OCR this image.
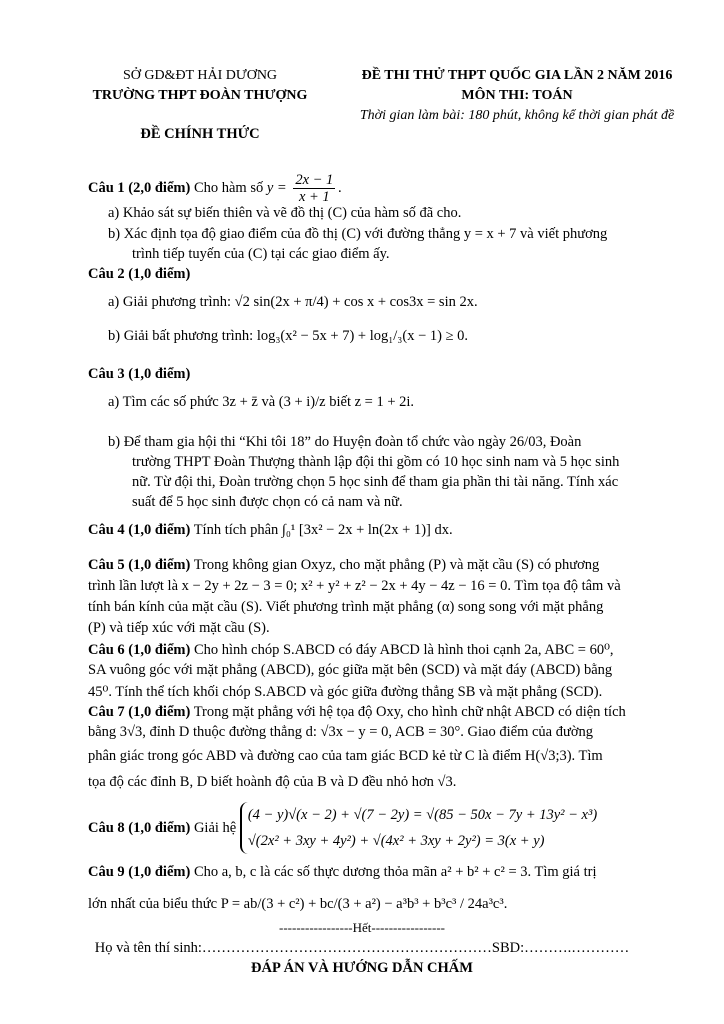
SỞ GD&ĐT HẢI DƯƠNG
TRƯỜNG THPT ĐOÀN THƯỢNG
ĐỀ CHÍNH THỨC
ĐỀ THI THỬ THPT QUỐC GIA LẦN 2 NĂM 2016
MÔN THI: TOÁN
Thời gian làm bài: 180 phút, không kể thời gian phát đề
Câu 1 (2,0 điểm) Cho hàm số $y = \frac{2x - 1}{x + 1}$ .
a) Khảo sát sự biến thiên và vẽ đồ thị (C) của hàm số đã cho.
b) Xác định tọa độ giao điểm của đồ thị (C) với đường thẳng y = x + 7 và viết phương
trình tiếp tuyến của (C) tại các giao điểm ấy.
Câu 2 (1,0 điểm)
a) Giải phương trình: √2 sin(2x + π/4) + cos x + cos3x = sin 2x.
b) Giải bất phương trình: log₃(x² − 5x + 7) + log₁/₃(x − 1) ≥ 0.
Câu 3 (1,0 điểm)
a) Tìm các số phức 3z + z̄ và (3 + i)/z biết z = 1 + 2i.
b) Để tham gia hội thi “Khi tôi 18” do Huyện đoàn tổ chức vào ngày 26/03, Đoàn
trường THPT Đoàn Thượng thành lập đội thi gồm có 10 học sinh nam và 5 học sinh
nữ. Từ đội thi, Đoàn trường chọn 5 học sinh để tham gia phần thi tài năng. Tính xác
suất để 5 học sinh được chọn có cả nam và nữ.
Câu 4 (1,0 điểm) Tính tích phân ∫₀¹ [3x² − 2x + ln(2x + 1)] dx.
Câu 5 (1,0 điểm) Trong không gian Oxyz, cho mặt phẳng (P) và mặt cầu (S) có phương
trình lần lượt là x − 2y + 2z − 3 = 0; x² + y² + z² − 2x + 4y − 4z − 16 = 0. Tìm tọa độ tâm và
tính bán kính của mặt cầu (S). Viết phương trình mặt phẳng (α) song song với mặt phẳng
(P) và tiếp xúc với mặt cầu (S).
Câu 6 (1,0 điểm) Cho hình chóp S.ABCD có đáy ABCD là hình thoi cạnh 2a, ABC = 60⁰,
SA vuông góc với mặt phẳng (ABCD), góc giữa mặt bên (SCD) và mặt đáy (ABCD) bằng
45⁰. Tính thể tích khối chóp S.ABCD và góc giữa đường thẳng SB và mặt phẳng (SCD).
Câu 7 (1,0 điểm) Trong mặt phẳng với hệ tọa độ Oxy, cho hình chữ nhật ABCD có diện tích
bằng 3√3, đỉnh D thuộc đường thẳng d: √3x − y = 0, ACB = 30°. Giao điểm của đường
phân giác trong góc ABD và đường cao của tam giác BCD kẻ từ C là điểm H(√3;3). Tìm
tọa độ các đỉnh B, D biết hoành độ của B và D đều nhỏ hơn √3.
Câu 8 (1,0 điểm) Giải hệ
(4 − y)√(x − 2) + √(7 − 2y) = √(85 − 50x − 7y + 13y² − x³)
√(2x² + 3xy + 4y²) + √(4x² + 3xy + 2y²) = 3(x + y)
Câu 9 (1,0 điểm) Cho a, b, c là các số thực dương thỏa mãn a² + b² + c² = 3. Tìm giá trị
lớn nhất của biểu thức P = ab/(3 + c²) + bc/(3 + a²) − a³b³ + b³c³ / 24a³c³.
-----------------Hết-----------------
Họ và tên thí sinh:……………………………………………………SBD:……….…………
ĐÁP ÁN VÀ HƯỚNG DẪN CHẤM
